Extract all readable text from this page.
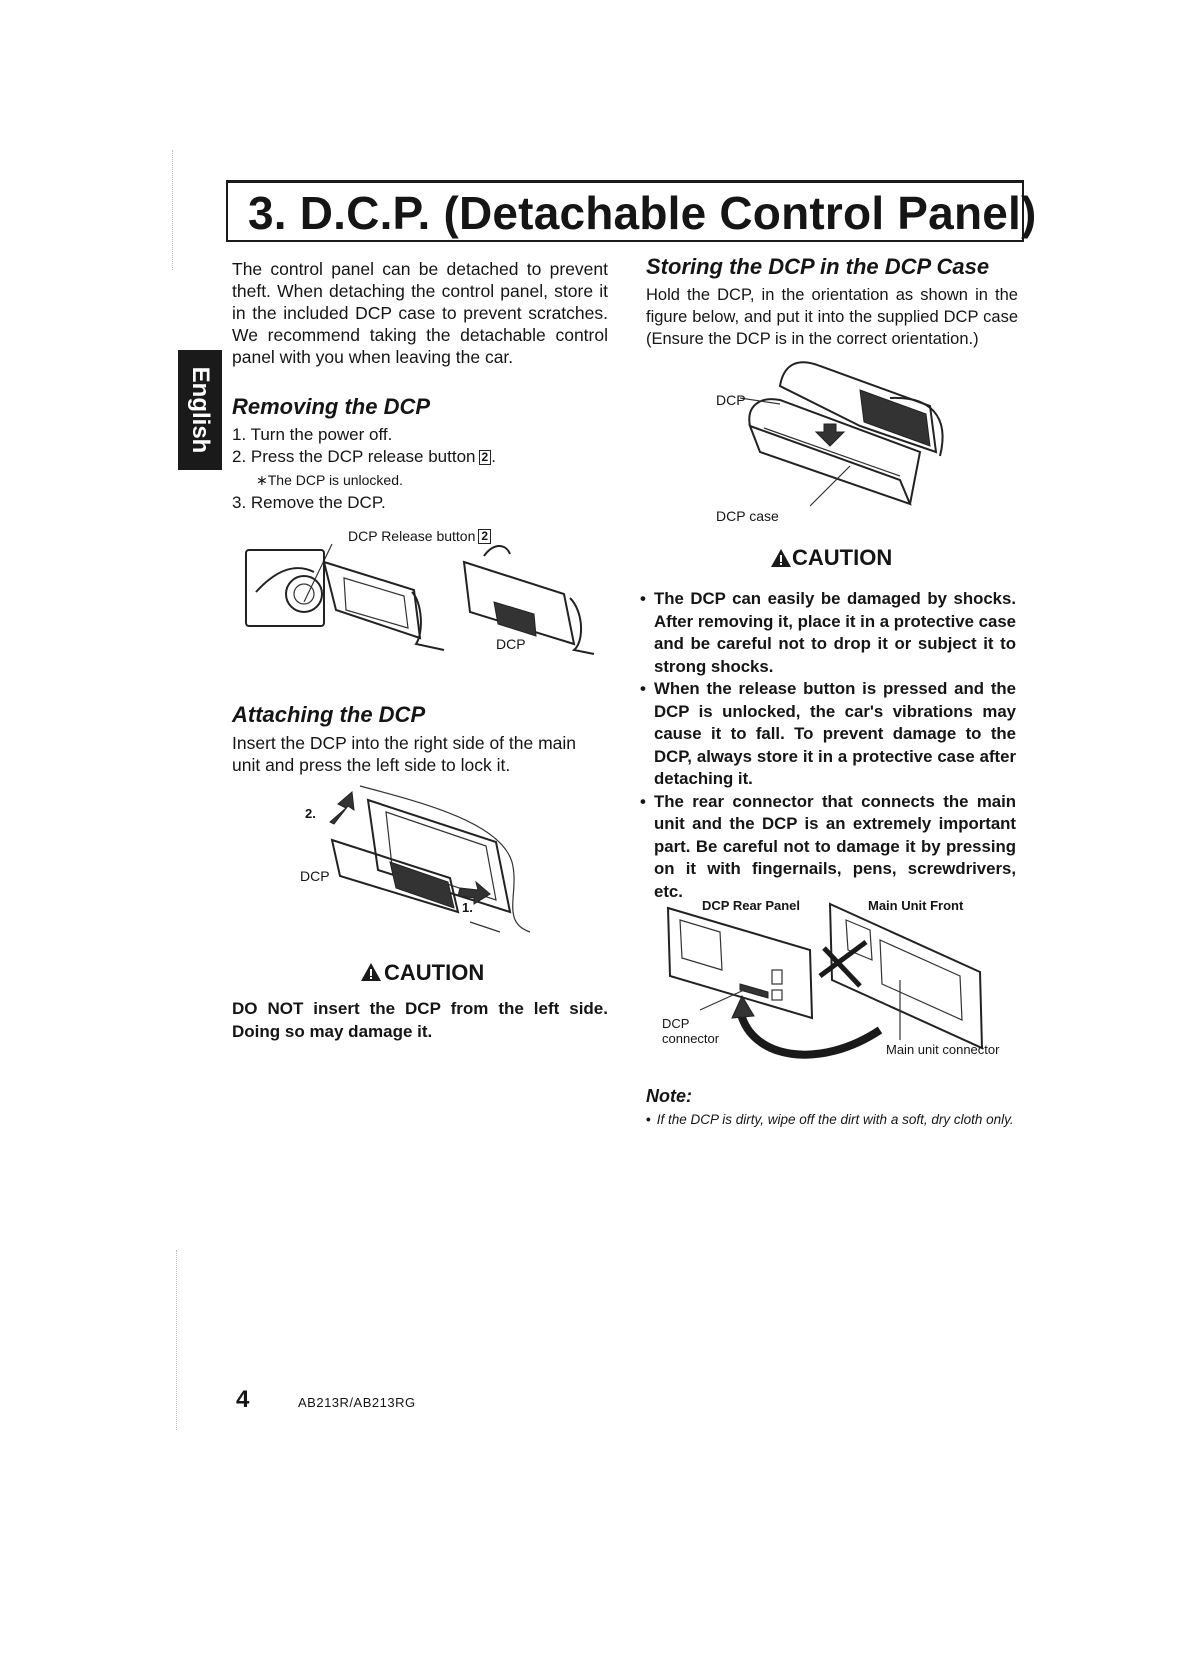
3. D.C.P. (Detachable Control Panel)
English
The control panel can be detached to prevent theft. When detaching the control panel, store it in the included DCP case to prevent scratches. We recommend taking the detachable control panel with you when leaving the car.
Removing the DCP
1. Turn the power off.
2. Press the DCP release button 2 .
∗The DCP is unlocked.
3. Remove the DCP.
DCP Release button 2
DCP
Attaching the DCP
Insert the DCP into the right side of the main unit and press the left side to lock it.
2.
DCP
1.
CAUTION
DO NOT insert the DCP from the left side. Doing so may damage it.
Storing the DCP in the DCP Case
Hold the DCP, in the orientation as shown in the figure below, and put it into the supplied DCP case (Ensure the DCP is in the correct orientation.)
DCP
DCP case
CAUTION
• The DCP can easily be damaged by shocks. After removing it, place it in a protective case and be careful not to drop it or subject it to strong shocks.
• When the release button is pressed and the DCP is unlocked, the car's vibrations may cause it to fall. To prevent damage to the DCP, always store it in a protective case after detaching it.
• The rear connector that connects the main unit and the DCP is an extremely important part. Be careful not to damage it by pressing on it with fingernails, pens, screwdrivers, etc.
DCP Rear Panel	Main Unit Front
DCP
connector
Main unit connector
Note:
• If the DCP is dirty, wipe off the dirt with a soft, dry cloth only.
4	AB213R/AB213RG
